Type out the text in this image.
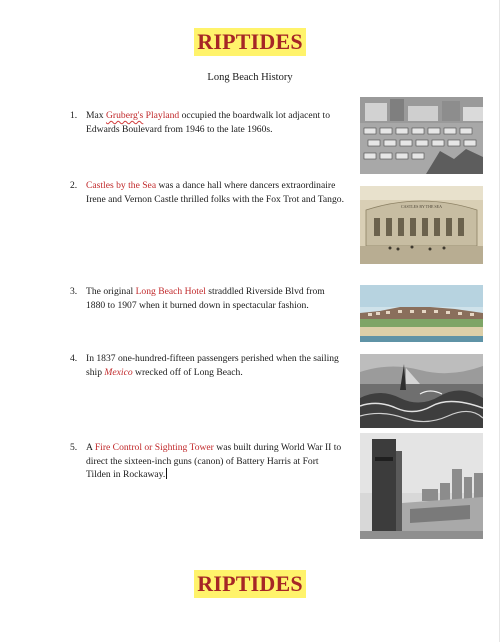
RIPTIDES
Long Beach History
1. Max Gruberg's Playland occupied the boardwalk lot adjacent to Edwards Boulevard from 1946 to the late 1960s.
2. Castles by the Sea was a dance hall where dancers extraordinaire Irene and Vernon Castle thrilled folks with the Fox Trot and Tango.
3. The original Long Beach Hotel straddled Riverside Blvd from 1880 to 1907 when it burned down in spectacular fashion.
4. In 1837 one-hundred-fifteen passengers perished when the sailing ship Mexico wrecked off of Long Beach.
5. A Fire Control or Sighting Tower was built during World War II to direct the sixteen-inch guns (canon) of Battery Harris at Fort Tilden in Rockaway.
CASTLES BY THE SEA
RIPTIDES
